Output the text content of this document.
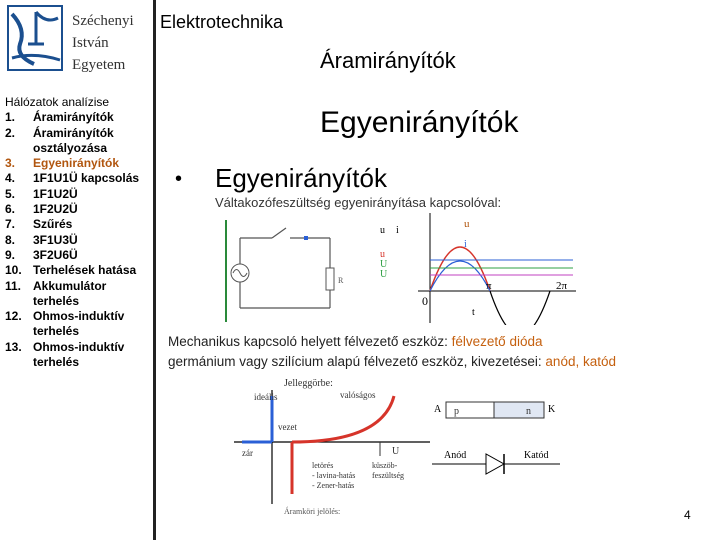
Széchenyi
István
Egyetem
Elektrotechnika
Áramirányítók
Hálózatok analízise
1.	Áramirányítók
2.	Áramirányítók osztályozása
3.	Egyenirányítók
4.	1F1U1Ü kapcsolás
5.	1F1U2Ü
6.	1F2U2Ü
7.	Szűrés
8.	3F1U3Ü
9.	3F2U6Ü
10. Terhelések hatása
11. Akkumulátor terhelés
12. Ohmos-induktív terhelés
13. Ohmos-induktív terhelés
Egyenirányítók
• Egyenirányítók
Váltakozófeszültség egyenirányítása kapcsolóval:
R
u
u i
u
i
U
U
0
π	2π
t
Mechanikus kapcsoló helyett félvezető eszköz: félvezető dióda
germánium vagy szilícium alapú félvezető eszköz, kivezetései: anód, katód
Jelleggörbe:
ideális	valóságos
vezet
zár	U
letörés
- lavina-hatás
- Zener-hatás
küszöb-
feszültség
Áramköri jelölés:
A p	n K
Anód	Katód
4
